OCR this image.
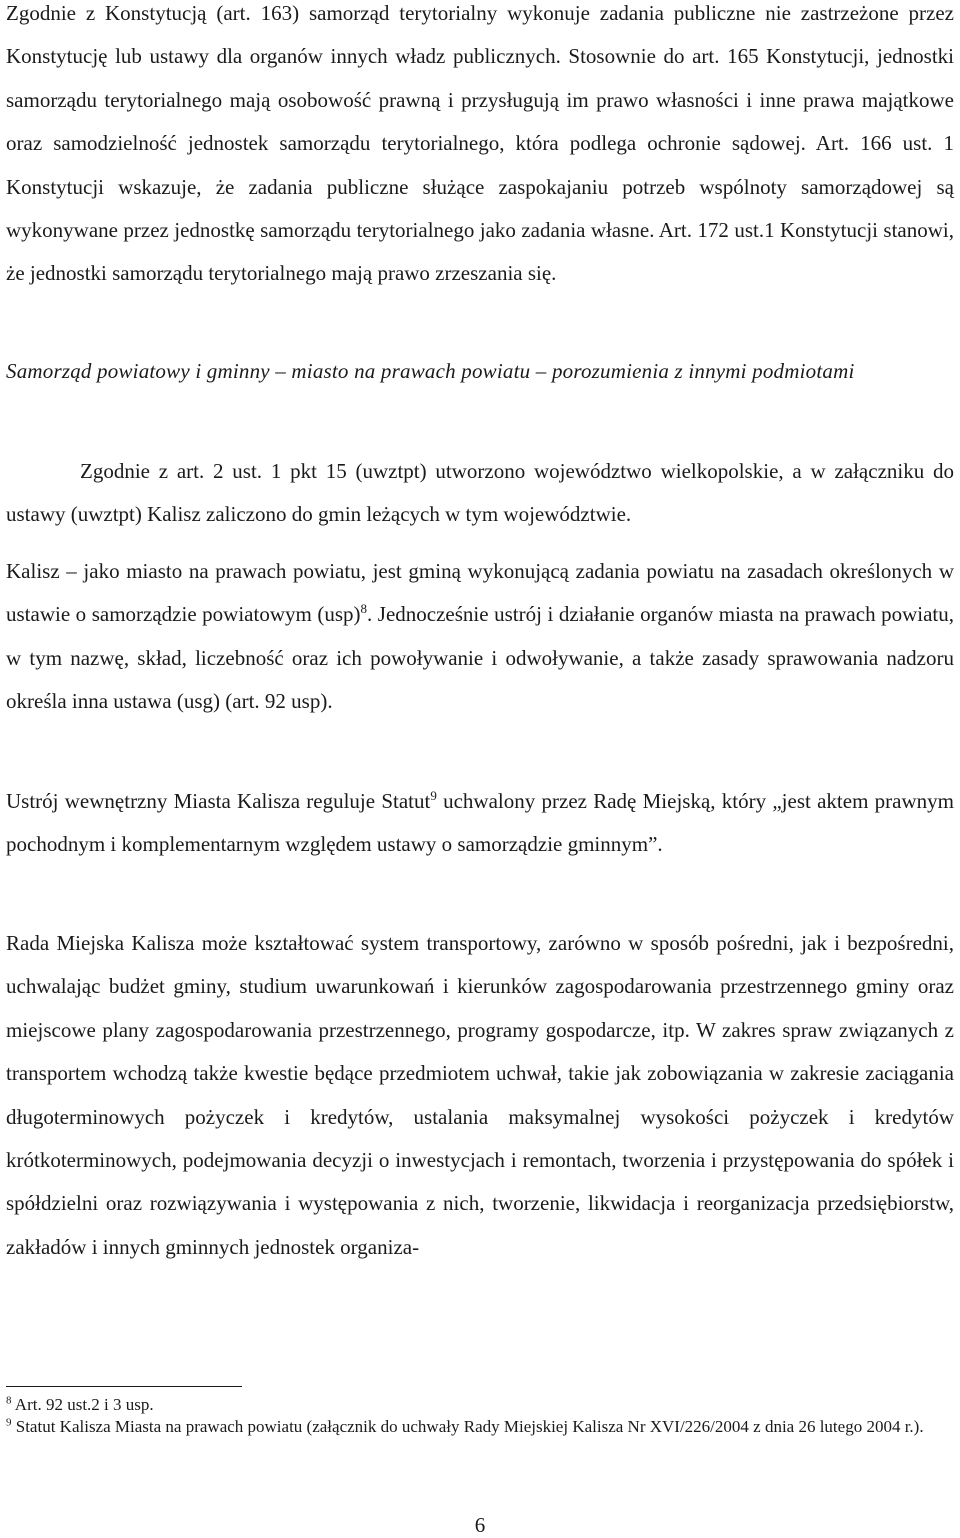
Zgodnie z Konstytucją (art. 163) samorząd terytorialny wykonuje zadania publiczne nie zastrzeżone przez Konstytucję lub ustawy dla organów innych władz publicznych. Stosownie do art. 165 Konstytucji, jednostki samorządu terytorialnego mają osobowość prawną i przysługują im prawo własności i inne prawa majątkowe oraz samodzielność jednostek samorządu terytorialnego, która podlega ochronie sądowej. Art. 166 ust. 1 Konstytucji wskazuje, że zadania publiczne służące zaspokajaniu potrzeb wspólnoty samorządowej są wykonywane przez jednostkę samorządu terytorialnego jako zadania własne. Art. 172 ust.1 Konstytucji stanowi, że jednostki samorządu terytorialnego mają prawo zrzeszania się.

Samorząd powiatowy i gminny – miasto na prawach powiatu – porozumienia z innymi podmiotami

Zgodnie z art. 2 ust. 1 pkt 15 (uwztpt) utworzono województwo wielkopolskie, a w załączniku do ustawy (uwztpt) Kalisz zaliczono do gmin leżących w tym województwie.

Kalisz – jako miasto na prawach powiatu, jest gminą wykonującą zadania powiatu na zasadach określonych w ustawie o samorządzie powiatowym (usp)$^8$. Jednocześnie ustrój i działanie organów miasta na prawach powiatu, w tym nazwę, skład, liczebność oraz ich powoływanie i odwoływanie, a także zasady sprawowania nadzoru określa inna ustawa (usg) (art. 92 usp).

Ustrój wewnętrzny Miasta Kalisza reguluje Statut$^9$ uchwalony przez Radę Miejską, który „jest aktem prawnym pochodnym i komplementarnym względem ustawy o samorządzie gminnym”.

Rada Miejska Kalisza może kształtować system transportowy, zarówno w sposób pośredni, jak i bezpośredni, uchwalając budżet gminy, studium uwarunkowań i kierunków zagospodarowania przestrzennego gminy oraz miejscowe plany zagospodarowania przestrzennego, programy gospodarcze, itp. W zakres spraw związanych z transportem wchodzą także kwestie będące przedmiotem uchwał, takie jak zobowiązania w zakresie zaciągania długoterminowych pożyczek i kredytów, ustalania maksymalnej wysokości pożyczek i kredytów krótkoterminowych, podejmowania decyzji o inwestycjach i remontach, tworzenia i przystępowania do spółek i spółdzielni oraz rozwiązywania i występowania z nich, tworzenie, likwidacja i reorganizacja przedsiębiorstw, zakładów i innych gminnych jednostek organiza-

$^8$ Art. 92 ust.2 i 3 usp.

$^9$ Statut Kalisza Miasta na prawach powiatu (załącznik do uchwały Rady Miejskiej Kalisza Nr XVI/226/2004 z dnia 26 lutego 2004 r.).

6
